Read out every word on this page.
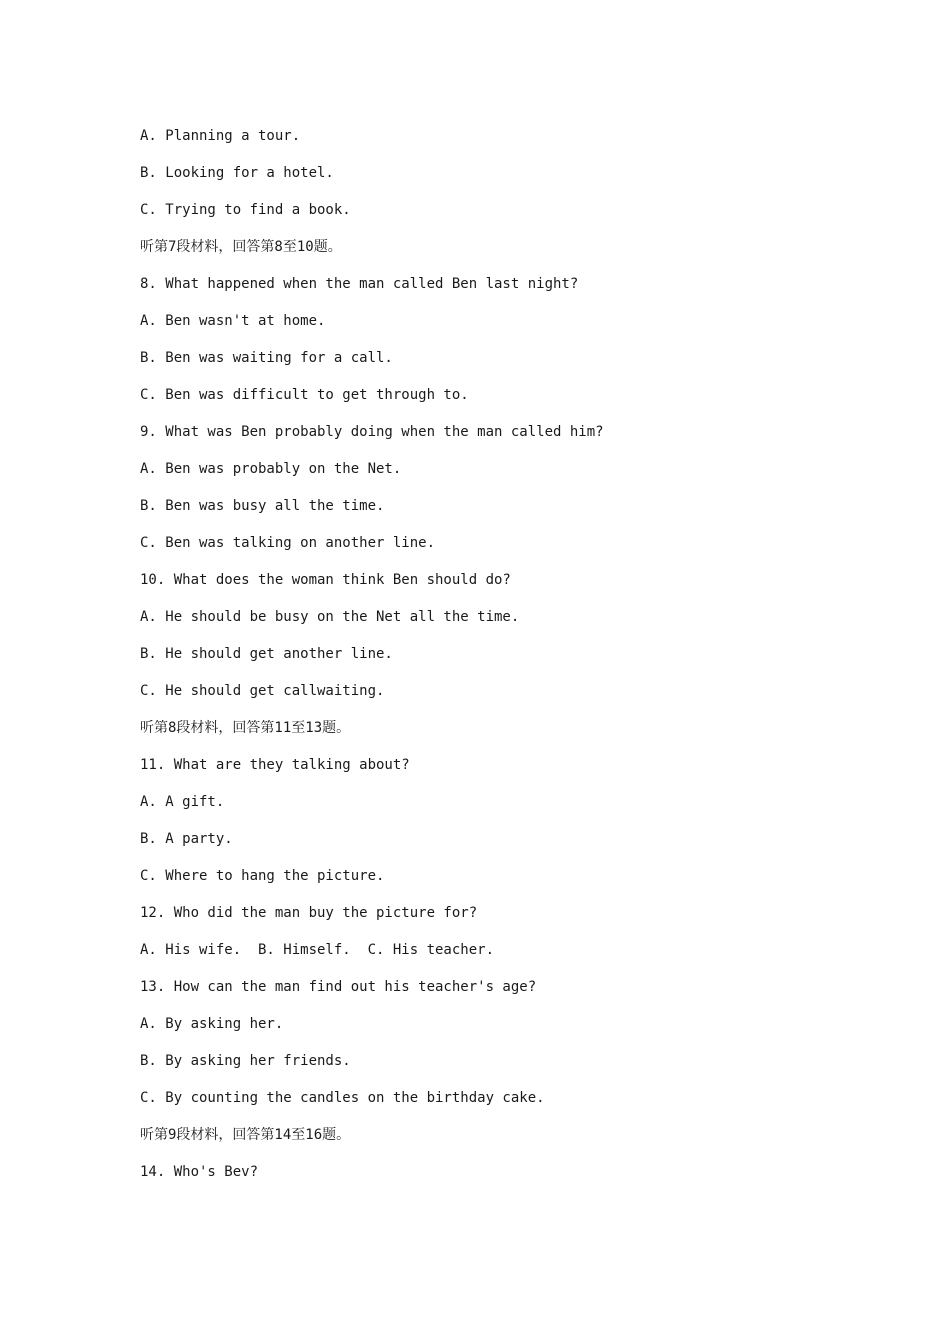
A. Planning a tour.
B. Looking for a hotel.
C. Trying to find a book.
听第7段材料，回答第8至10题。
8. What happened when the man called Ben last night?
A. Ben wasn't at home.
B. Ben was waiting for a call.
C. Ben was difficult to get through to.
9. What was Ben probably doing when the man called him?
A. Ben was probably on the Net.
B. Ben was busy all the time.
C. Ben was talking on another line.
10. What does the woman think Ben should do?
A. He should be busy on the Net all the time.
B. He should get another line.
C. He should get callwaiting.
听第8段材料，回答第11至13题。
11. What are they talking about?
A. A gift.
B. A party.
C. Where to hang the picture.
12. Who did the man buy the picture for?
A. His wife.  B. Himself.  C. His teacher.
13. How can the man find out his teacher's age?
A. By asking her.
B. By asking her friends.
C. By counting the candles on the birthday cake.
听第9段材料，回答第14至16题。
14. Who's Bev?
